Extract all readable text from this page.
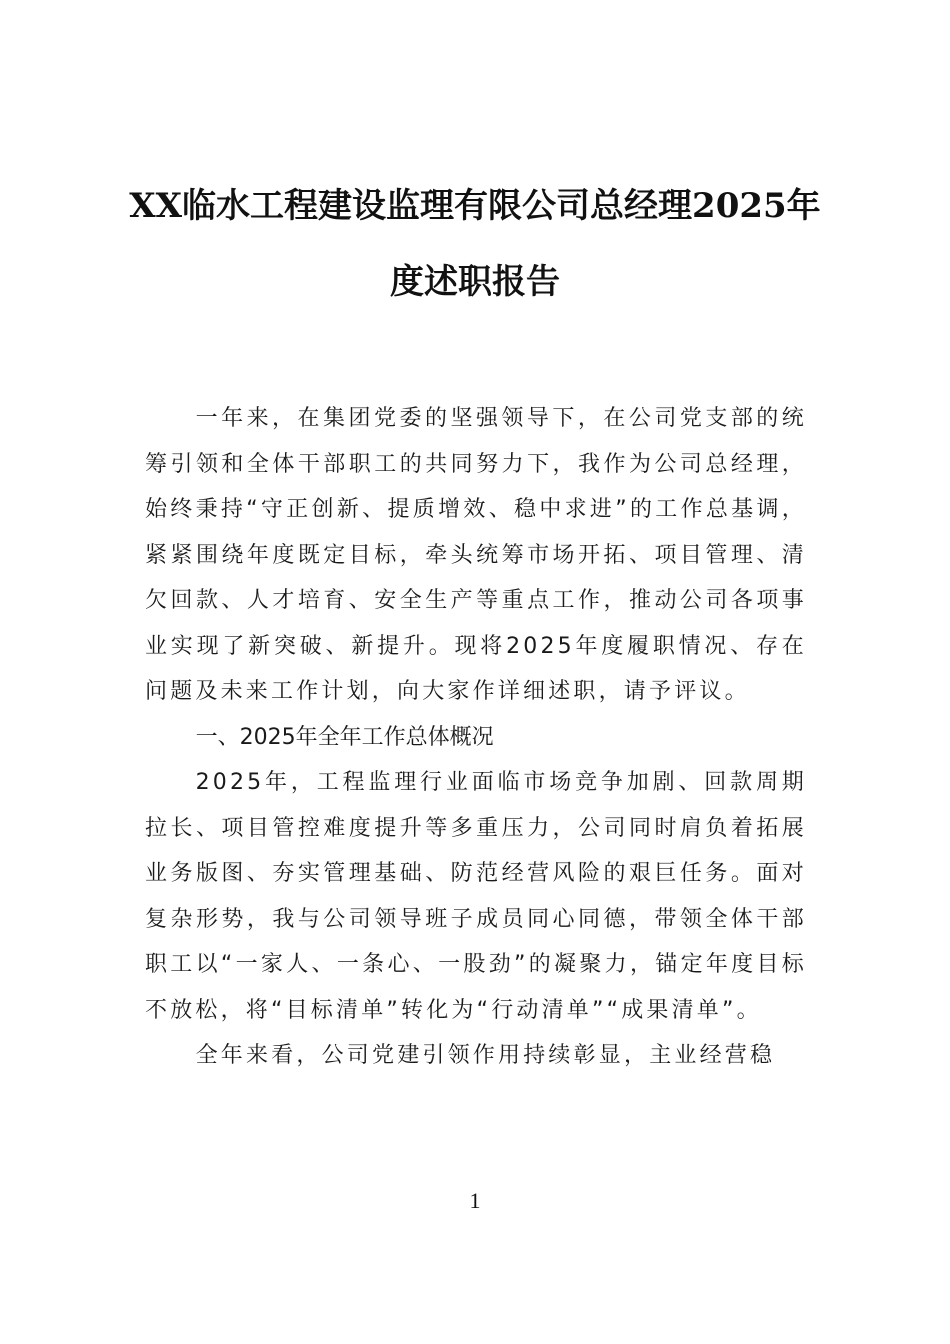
XX临水工程建设监理有限公司总经理2025年度述职报告

一年来，在集团党委的坚强领导下，在公司党支部的统筹引领和全体干部职工的共同努力下，我作为公司总经理，始终秉持“守正创新、提质增效、稳中求进”的工作总基调，紧紧围绕年度既定目标，牵头统筹市场开拓、项目管理、清欠回款、人才培育、安全生产等重点工作，推动公司各项事业实现了新突破、新提升。现将2025年度履职情况、存在问题及未来工作计划，向大家作详细述职，请予评议。

一、2025年全年工作总体概况

2025年，工程监理行业面临市场竞争加剧、回款周期拉长、项目管控难度提升等多重压力，公司同时肩负着拓展业务版图、夯实管理基础、防范经营风险的艰巨任务。面对复杂形势，我与公司领导班子成员同心同德，带领全体干部职工以“一家人、一条心、一股劲”的凝聚力，锚定年度目标不放松，将“目标清单”转化为“行动清单”“成果清单”。

全年来看，公司党建引领作用持续彰显，主业经营稳

1
